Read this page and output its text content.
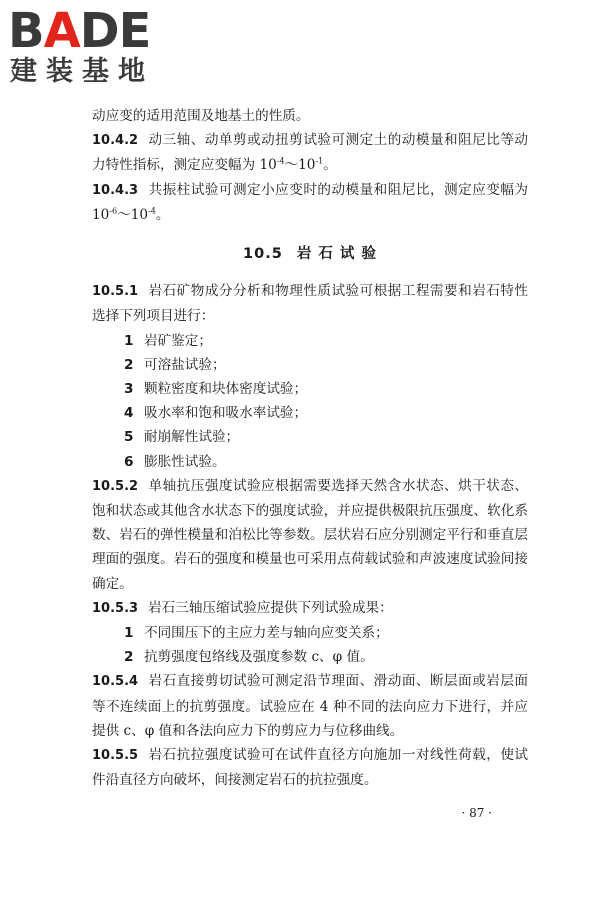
BADE
建装基地

动应变的适用范围及地基土的性质。

10.4.2 动三轴、动单剪或动扭剪试验可测定土的动模量和阻尼比等动力特性指标，测定应变幅为 $10^{-4}\sim 10^{-1}$。

10.4.3 共振柱试验可测定小应变时的动模量和阻尼比，测定应变幅为 $10^{-6}\sim 10^{-4}$。

10.5 岩 石 试 验

10.5.1 岩石矿物成分分析和物理性质试验可根据工程需要和岩石特性选择下列项目进行：

1 岩矿鉴定；

2 可溶盐试验；

3 颗粒密度和块体密度试验；

4 吸水率和饱和吸水率试验；

5 耐崩解性试验；

6 膨胀性试验。

10.5.2 单轴抗压强度试验应根据需要选择天然含水状态、烘干状态、饱和状态或其他含水状态下的强度试验，并应提供极限抗压强度、软化系数、岩石的弹性模量和泊松比等参数。层状岩石应分别测定平行和垂直层理面的强度。岩石的强度和模量也可采用点荷载试验和声波速度试验间接确定。

10.5.3 岩石三轴压缩试验应提供下列试验成果：

1 不同围压下的主应力差与轴向应变关系；

2 抗剪强度包络线及强度参数 c、φ 值。

10.5.4 岩石直接剪切试验可测定沿节理面、滑动面、断层面或岩层面等不连续面上的抗剪强度。试验应在 4 种不同的法向应力下进行，并应提供 c、φ 值和各法向应力下的剪应力与位移曲线。

10.5.5 岩石抗拉强度试验可在试件直径方向施加一对线性荷载，使试件沿直径方向破坏，间接测定岩石的抗拉强度。

· 87 ·
